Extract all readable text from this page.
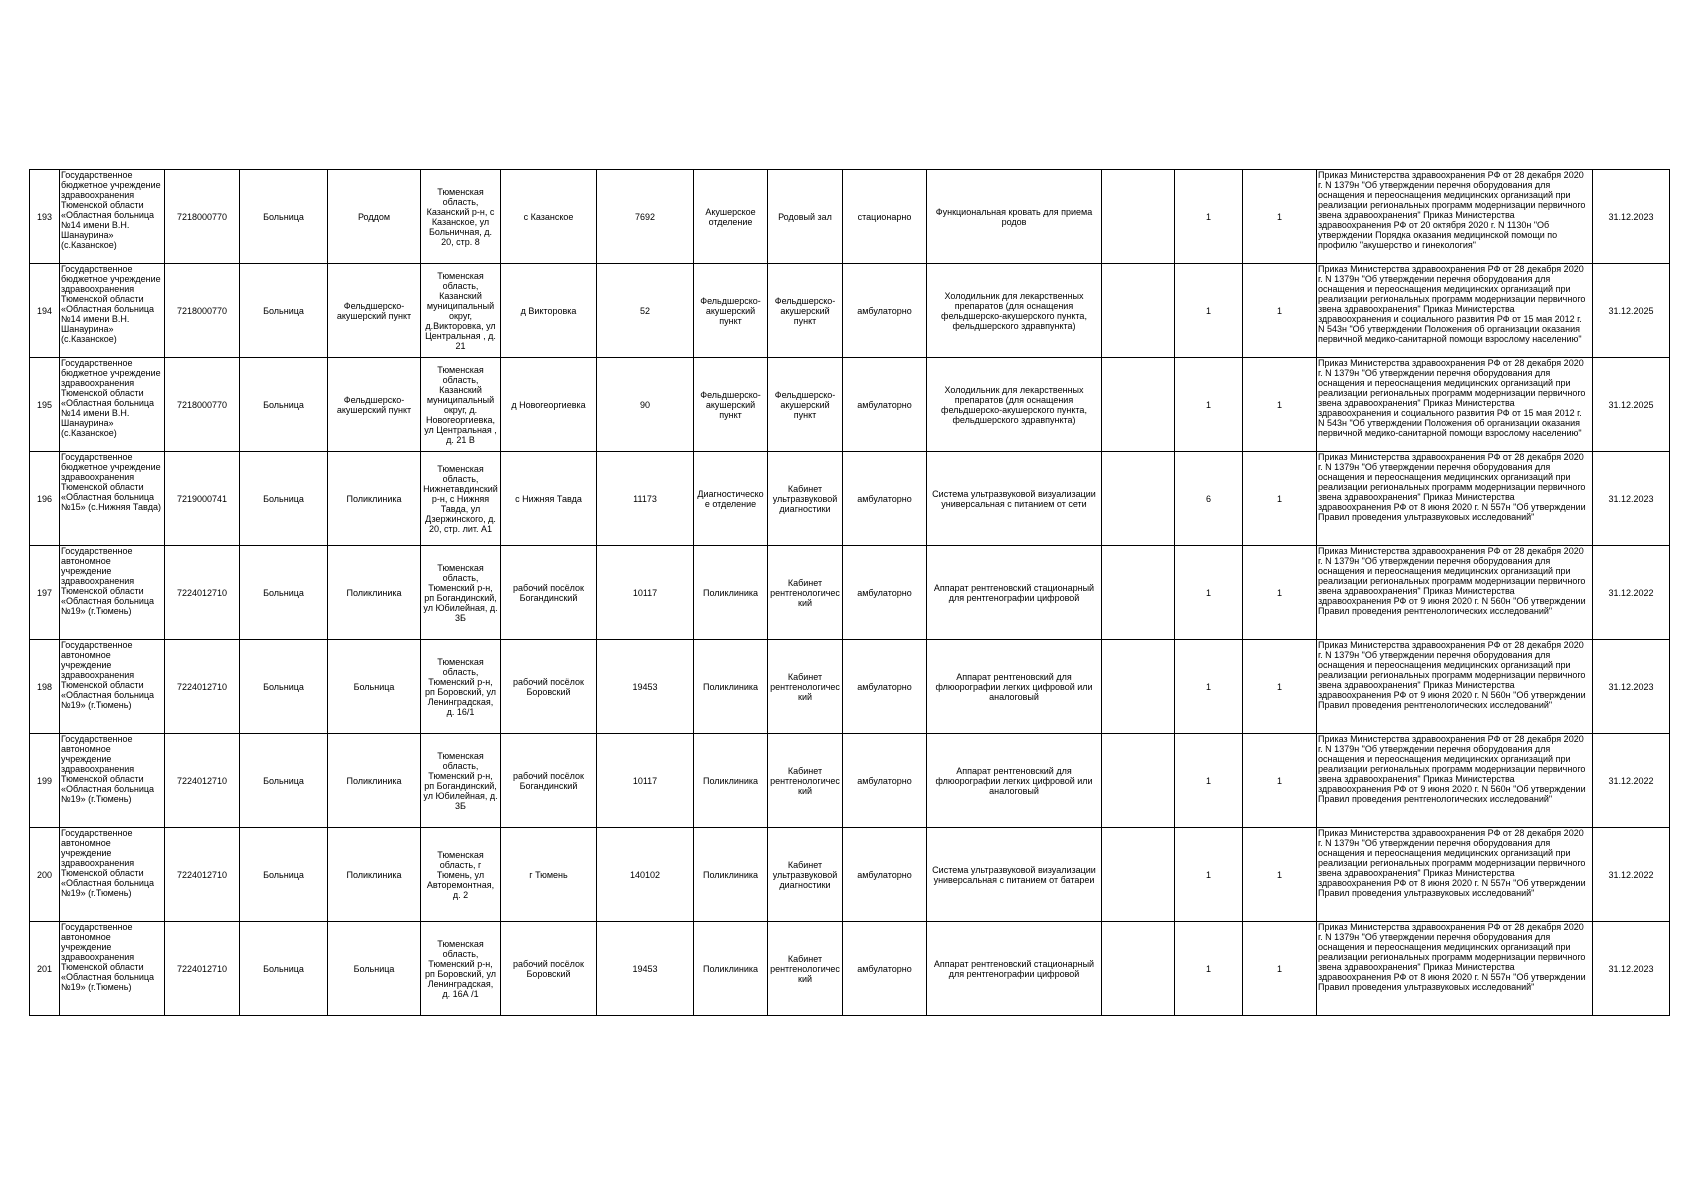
193	Государственное бюджетное учреждение здравоохранения Тюменской области «Областная больница №14 имени В.Н. Шанаурина» (с.Казанское)	7218000770	Больница	Роддом	Тюменская область, Казанский р-н, с Казанское, ул Больничная, д. 20, стр. 8	с Казанское	7692	Акушерское отделение	Родовый зал	стационарно	Функциональная кровать для приема родов		1	1	Приказ Министерства здравоохранения РФ от 28 декабря 2020 г. N 1379н "Об утверждении перечня оборудования для оснащения и переоснащения медицинских организаций при реализации региональных программ модернизации первичного звена здравоохранения" Приказ Министерства здравоохранения РФ от 20 октября 2020 г. N 1130н "Об утверждении Порядка оказания медицинской помощи по профилю "акушерство и гинекология"	31.12.2023
194	Государственное бюджетное учреждение здравоохранения Тюменской области «Областная больница №14 имени В.Н. Шанаурина» (с.Казанское)	7218000770	Больница	Фельдшерско-акушерский пункт	Тюменская область, Казанский муниципальный округ, д.Викторовка, ул Центральная , д. 21	д Викторовка	52	Фельдшерско-акушерский пункт	Фельдшерско-акушерский пункт	амбулаторно	Холодильник для лекарственных препаратов (для оснащения фельдшерско-акушерского пункта, фельдшерского здравпункта)		1	1	Приказ Министерства здравоохранения РФ от 28 декабря 2020 г. N 1379н "Об утверждении перечня оборудования для оснащения и переоснащения медицинских организаций при реализации региональных программ модернизации первичного звена здравоохранения" Приказ Министерства здравоохранения и социального развития РФ от 15 мая 2012 г. N 543н "Об утверждении Положения об организации оказания первичной медико-санитарной помощи взрослому населению"	31.12.2025
195	Государственное бюджетное учреждение здравоохранения Тюменской области «Областная больница №14 имени В.Н. Шанаурина» (с.Казанское)	7218000770	Больница	Фельдшерско-акушерский пункт	Тюменская область, Казанский муниципальный округ, д. Новогеоргиевка, ул Центральная , д. 21 В	д Новогеоргиевка	90	Фельдшерско-акушерский пункт	Фельдшерско-акушерский пункт	амбулаторно	Холодильник для лекарственных препаратов (для оснащения фельдшерско-акушерского пункта, фельдшерского здравпункта)		1	1	Приказ Министерства здравоохранения РФ от 28 декабря 2020 г. N 1379н "Об утверждении перечня оборудования для оснащения и переоснащения медицинских организаций при реализации региональных программ модернизации первичного звена здравоохранения" Приказ Министерства здравоохранения и социального развития РФ от 15 мая 2012 г. N 543н "Об утверждении Положения об организации оказания первичной медико-санитарной помощи взрослому населению"	31.12.2025
196	Государственное бюджетное учреждение здравоохранения Тюменской области «Областная больница №15» (с.Нижняя Тавда)	7219000741	Больница	Поликлиника	Тюменская область, Нижнетавдинский р-н, с Нижняя Тавда, ул Дзержинского, д. 20, стр. лит. А1	с Нижняя Тавда	11173	Диагностическое отделение	Кабинет ультразвуковой диагностики	амбулаторно	Система ультразвуковой визуализации универсальная с питанием от сети		6	1	Приказ Министерства здравоохранения РФ от 28 декабря 2020 г. N 1379н "Об утверждении перечня оборудования для оснащения и переоснащения медицинских организаций при реализации региональных программ модернизации первичного звена здравоохранения" Приказ Министерства здравоохранения РФ от 8 июня 2020 г. N 557н "Об утверждении Правил проведения ультразвуковых исследований"	31.12.2023
197	Государственное автономное учреждение здравоохранения Тюменской области «Областная больница №19» (г.Тюмень)	7224012710	Больница	Поликлиника	Тюменская область, Тюменский р-н, рп Богандинский, ул Юбилейная, д. 3Б	рабочий посёлок Богандинский	10117	Поликлиника	Кабинет рентгенологический	амбулаторно	Аппарат рентгеновский стационарный для рентгенографии цифровой		1	1	Приказ Министерства здравоохранения РФ от 28 декабря 2020 г. N 1379н "Об утверждении перечня оборудования для оснащения и переоснащения медицинских организаций при реализации региональных программ модернизации первичного звена здравоохранения" Приказ Министерства здравоохранения РФ от 9 июня 2020 г. N 560н "Об утверждении Правил проведения рентгенологических исследований"	31.12.2022
198	Государственное автономное учреждение здравоохранения Тюменской области «Областная больница №19» (г.Тюмень)	7224012710	Больница	Больница	Тюменская область, Тюменский р-н, рп Боровский, ул Ленинградская, д. 16/1	рабочий посёлок Боровский	19453	Поликлиника	Кабинет рентгенологический	амбулаторно	Аппарат рентгеновский для флюорографии легких цифровой или аналоговый		1	1	Приказ Министерства здравоохранения РФ от 28 декабря 2020 г. N 1379н "Об утверждении перечня оборудования для оснащения и переоснащения медицинских организаций при реализации региональных программ модернизации первичного звена здравоохранения" Приказ Министерства здравоохранения РФ от 9 июня 2020 г. N 560н "Об утверждении Правил проведения рентгенологических исследований"	31.12.2023
199	Государственное автономное учреждение здравоохранения Тюменской области «Областная больница №19» (г.Тюмень)	7224012710	Больница	Поликлиника	Тюменская область, Тюменский р-н, рп Богандинский, ул Юбилейная, д. 3Б	рабочий посёлок Богандинский	10117	Поликлиника	Кабинет рентгенологический	амбулаторно	Аппарат рентгеновский для флюорографии легких цифровой или аналоговый		1	1	Приказ Министерства здравоохранения РФ от 28 декабря 2020 г. N 1379н "Об утверждении перечня оборудования для оснащения и переоснащения медицинских организаций при реализации региональных программ модернизации первичного звена здравоохранения" Приказ Министерства здравоохранения РФ от 9 июня 2020 г. N 560н "Об утверждении Правил проведения рентгенологических исследований"	31.12.2022
200	Государственное автономное учреждение здравоохранения Тюменской области «Областная больница №19» (г.Тюмень)	7224012710	Больница	Поликлиника	Тюменская область, г Тюмень, ул Авторемонтная, д. 2	г Тюмень	140102	Поликлиника	Кабинет ультразвуковой диагностики	амбулаторно	Система ультразвуковой визуализации универсальная с питанием от батареи		1	1	Приказ Министерства здравоохранения РФ от 28 декабря 2020 г. N 1379н "Об утверждении перечня оборудования для оснащения и переоснащения медицинских организаций при реализации региональных программ модернизации первичного звена здравоохранения" Приказ Министерства здравоохранения РФ от 8 июня 2020 г. N 557н "Об утверждении Правил проведения ультразвуковых исследований"	31.12.2022
201	Государственное автономное учреждение здравоохранения Тюменской области «Областная больница №19» (г.Тюмень)	7224012710	Больница	Больница	Тюменская область, Тюменский р-н, рп Боровский, ул Ленинградская, д. 16А /1	рабочий посёлок Боровский	19453	Поликлиника	Кабинет рентгенологический	амбулаторно	Аппарат рентгеновский стационарный для рентгенографии цифровой		1	1	Приказ Министерства здравоохранения РФ от 28 декабря 2020 г. N 1379н "Об утверждении перечня оборудования для оснащения и переоснащения медицинских организаций при реализации региональных программ модернизации первичного звена здравоохранения" Приказ Министерства здравоохранения РФ от 8 июня 2020 г. N 557н "Об утверждении Правил проведения ультразвуковых исследований"	31.12.2023
